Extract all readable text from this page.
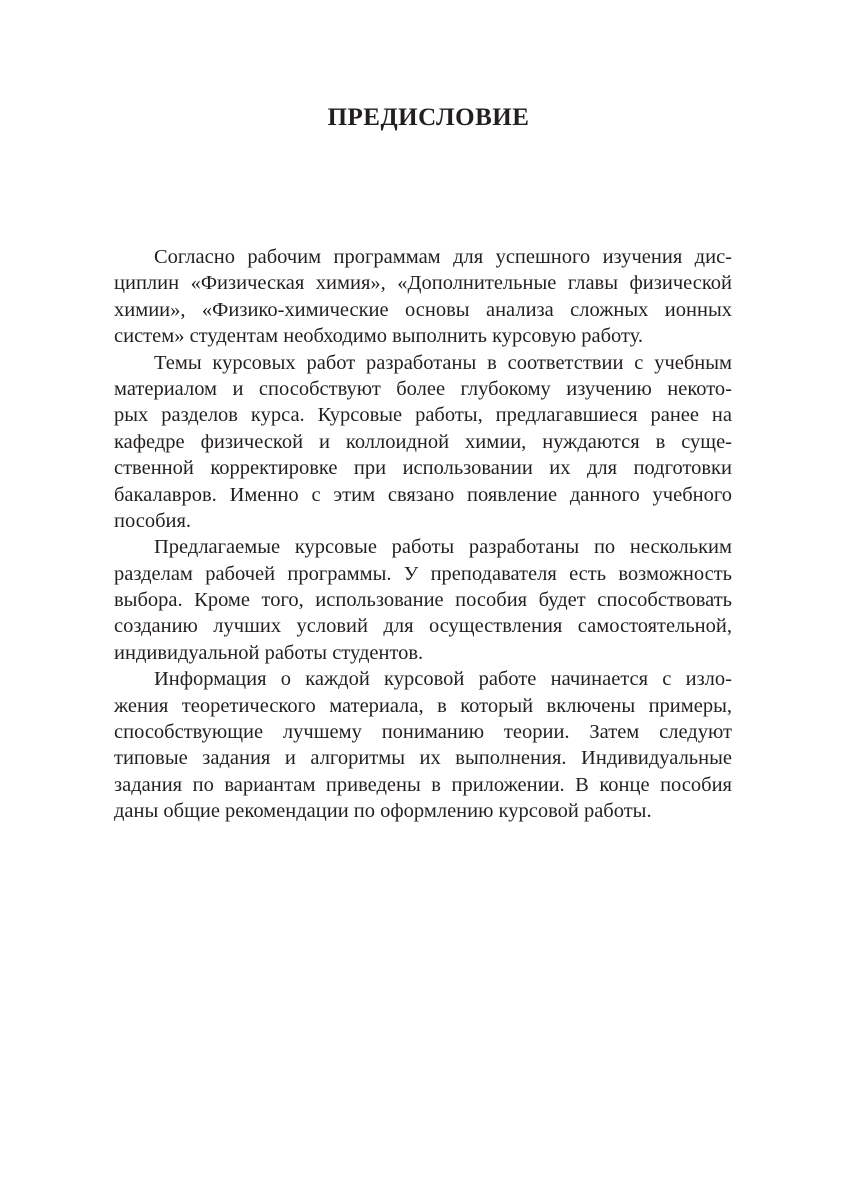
ПРЕДИСЛОВИЕ
Согласно рабочим программам для успешного изучения дис-
циплин «Физическая химия», «Дополнительные главы физической
химии», «Физико-химические основы анализа сложных ионных
систем» студентам необходимо выполнить курсовую работу.
Темы курсовых работ разработаны в соответствии с учебным
материалом и способствуют более глубокому изучению некото-
рых разделов курса. Курсовые работы, предлагавшиеся ранее на
кафедре физической и коллоидной химии, нуждаются в суще-
ственной корректировке при использовании их для подготовки
бакалавров. Именно с этим связано появление данного учебного
пособия.
Предлагаемые курсовые работы разработаны по нескольким
разделам рабочей программы. У преподавателя есть возможность
выбора. Кроме того, использование пособия будет способствовать
созданию лучших условий для осуществления самостоятельной,
индивидуальной работы студентов.
Информация о каждой курсовой работе начинается с изло-
жения теоретического материала, в который включены примеры,
способствующие лучшему пониманию теории. Затем следуют
типовые задания и алгоритмы их выполнения. Индивидуальные
задания по вариантам приведены в приложении. В конце пособия
даны общие рекомендации по оформлению курсовой работы.
